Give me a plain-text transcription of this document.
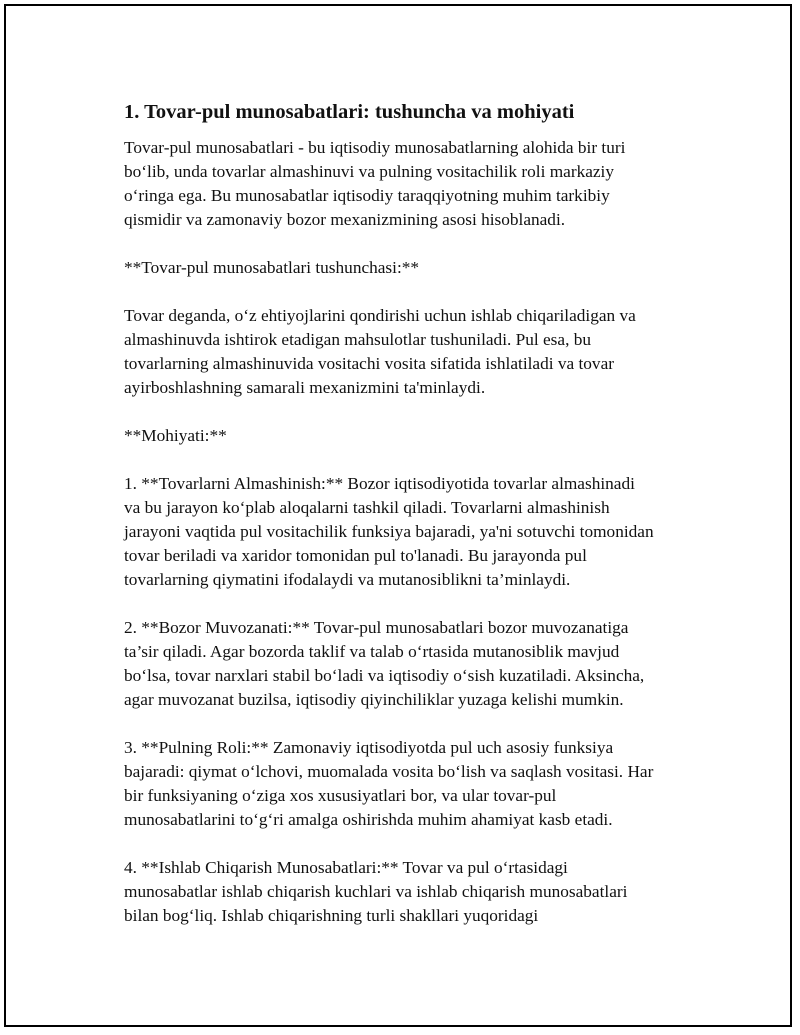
1. Tovar-pul munosabatlari: tushuncha va mohiyati

Tovar-pul munosabatlari - bu iqtisodiy munosabatlarning alohida bir turi
bo‘lib, unda tovarlar almashinuvi va pulning vositachilik roli markaziy
o‘ringa ega. Bu munosabatlar iqtisodiy taraqqiyotning muhim tarkibiy
qismidir va zamonaviy bozor mexanizmining asosi hisoblanadi.

**Tovar-pul munosabatlari tushunchasi:**

Tovar deganda, o‘z ehtiyojlarini qondirishi uchun ishlab chiqariladigan va
almashinuvda ishtirok etadigan mahsulotlar tushuniladi. Pul esa, bu
tovarlarning almashinuvida vositachi vosita sifatida ishlatiladi va tovar
ayirboshlashning samarali mexanizmini ta'minlaydi.

**Mohiyati:**

1. **Tovarlarni Almashinish:** Bozor iqtisodiyotida tovarlar almashinadi
va bu jarayon ko‘plab aloqalarni tashkil qiladi. Tovarlarni almashinish
jarayoni vaqtida pul vositachilik funksiya bajaradi, ya'ni sotuvchi tomonidan
tovar beriladi va xaridor tomonidan pul to'lanadi. Bu jarayonda pul
tovarlarning qiymatini ifodalaydi va mutanosiblikni ta’minlaydi.

2. **Bozor Muvozanati:** Tovar-pul munosabatlari bozor muvozanatiga
ta’sir qiladi. Agar bozorda taklif va talab o‘rtasida mutanosiblik mavjud
bo‘lsa, tovar narxlari stabil bo‘ladi va iqtisodiy o‘sish kuzatiladi. Aksincha,
agar muvozanat buzilsa, iqtisodiy qiyinchiliklar yuzaga kelishi mumkin.

3. **Pulning Roli:** Zamonaviy iqtisodiyotda pul uch asosiy funksiya
bajaradi: qiymat o‘lchovi, muomalada vosita bo‘lish va saqlash vositasi. Har
bir funksiyaning o‘ziga xos xususiyatlari bor, va ular tovar-pul
munosabatlarini to‘g‘ri amalga oshirishda muhim ahamiyat kasb etadi.

4. **Ishlab Chiqarish Munosabatlari:** Tovar va pul o‘rtasidagi
munosabatlar ishlab chiqarish kuchlari va ishlab chiqarish munosabatlari
bilan bog‘liq. Ishlab chiqarishning turli shakllari yuqoridagi
